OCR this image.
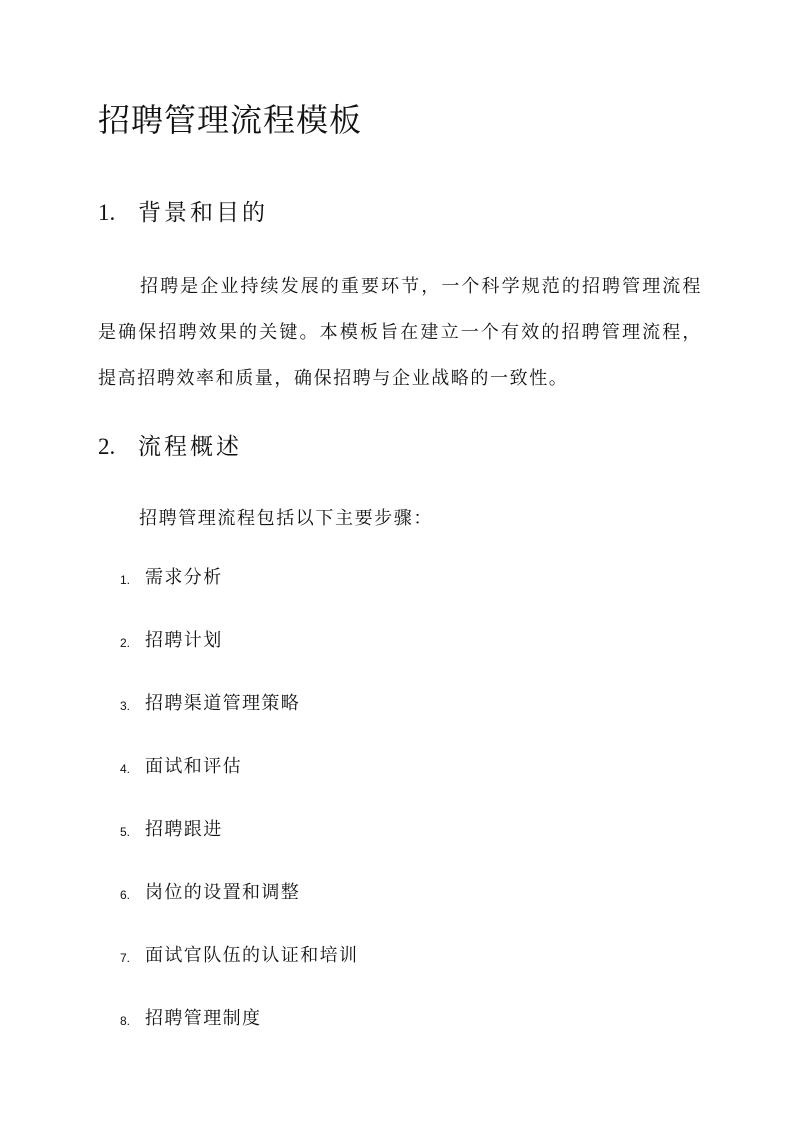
招聘管理流程模板
1. 背景和目的

招聘是企业持续发展的重要环节，一个科学规范的招聘管理流程是确保招聘效果的关键。本模板旨在建立一个有效的招聘管理流程，提高招聘效率和质量，确保招聘与企业战略的一致性。

2. 流程概述

招聘管理流程包括以下主要步骤：

1. 需求分析
2. 招聘计划
3. 招聘渠道管理策略
4. 面试和评估
5. 招聘跟进
6. 岗位的设置和调整
7. 面试官队伍的认证和培训
8. 招聘管理制度
